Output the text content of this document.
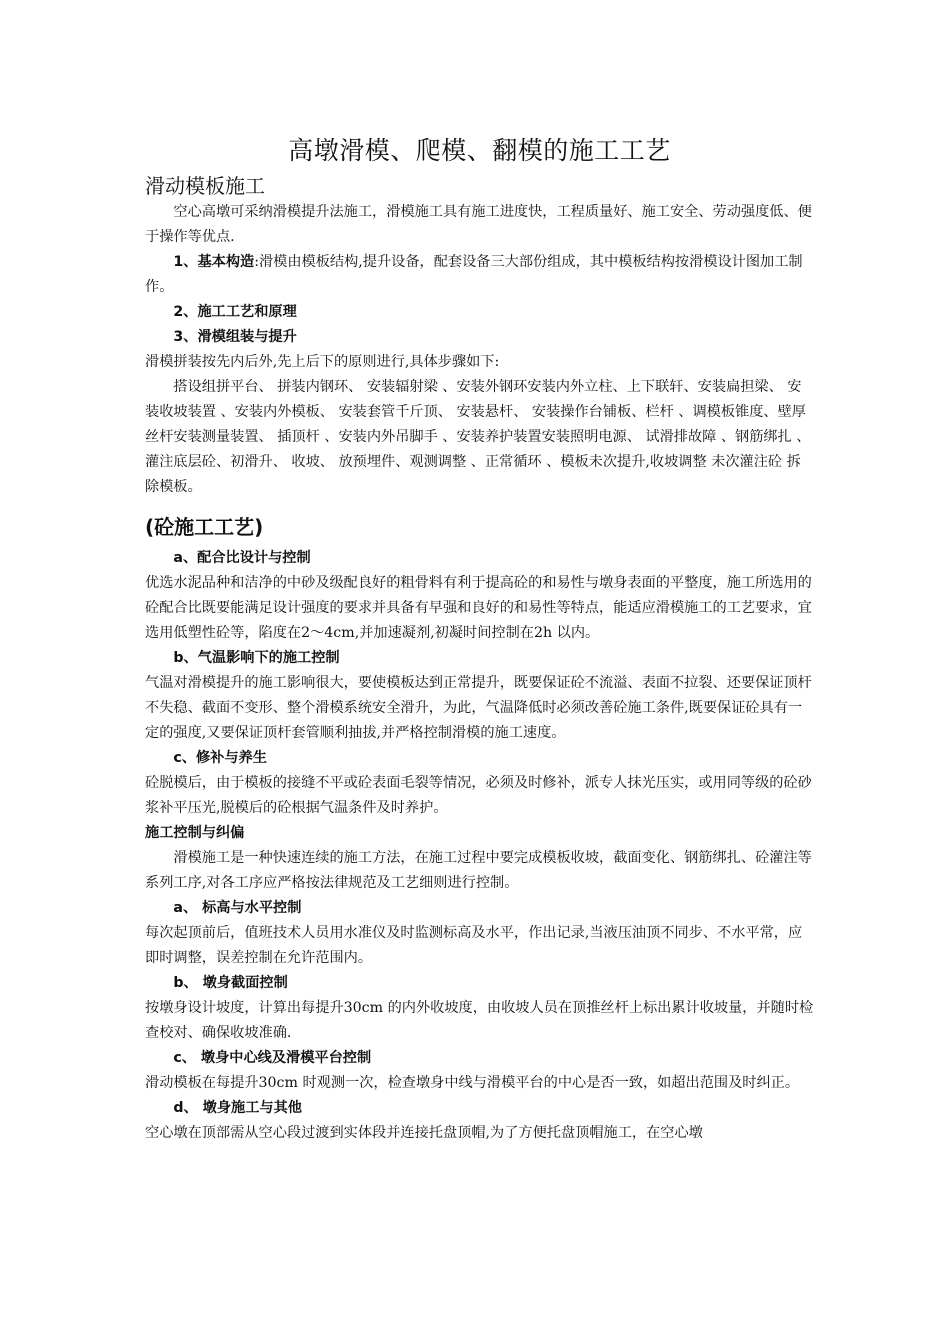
高墩滑模、爬模、翻模的施工工艺
滑动模板施工

空心高墩可采纳滑模提升法施工，滑模施工具有施工进度快，工程质量好、施工安全、劳动强度低、便于操作等优点.

1、基本构造:滑模由模板结构,提升设备，配套设备三大部份组成，其中模板结构按滑模设计图加工制作。

2、施工工艺和原理

3、滑模组装与提升

滑模拼装按先内后外,先上后下的原则进行,具体步骤如下:

搭设组拼平台、 拼装内钢环、 安装辐射梁 、安装外钢环安装内外立柱、上下联轩、安装扁担梁、 安装收坡装置 、安装内外模板、 安装套管千斤顶、 安装悬杆、 安装操作台铺板、栏杆 、调模板锥度、壁厚丝杆安装测量装置、 插顶杆 、安装内外吊脚手 、安装养护装置安装照明电源、 试滑排故障 、钢筋绑扎 、灌注底层砼、初滑升、 收坡、 放预埋件、观测调整 、正常循环 、模板未次提升,收坡调整 未次灌注砼 拆除模板。

(砼施工工艺)

a、配合比设计与控制

优选水泥品种和洁净的中砂及级配良好的粗骨料有利于提高砼的和易性与墩身表面的平整度，施工所选用的砼配合比既要能满足设计强度的要求并具备有早强和良好的和易性等特点，能适应滑模施工的工艺要求，宜选用低塑性砼等，陷度在2～4cm,并加速凝剂,初凝时间控制在2h 以内。

b、气温影响下的施工控制

气温对滑模提升的施工影响很大，要使模板达到正常提升，既要保证砼不流溢、表面不拉裂、还要保证顶杆不失稳、截面不变形、整个滑模系统安全滑升，为此，气温降低时必须改善砼施工条件,既要保证砼具有一定的强度,又要保证顶杆套管顺利抽拔,并严格控制滑模的施工速度。

c、修补与养生

砼脱模后，由于模板的接缝不平或砼表面毛裂等情况，必须及时修补，派专人抹光压实，或用同等级的砼砂浆补平压光,脱模后的砼根据气温条件及时养护。

施工控制与纠偏

滑模施工是一种快速连续的施工方法，在施工过程中要完成模板收坡，截面变化、钢筋绑扎、砼灌注等系列工序,对各工序应严格按法律规范及工艺细则进行控制。

a、 标高与水平控制

每次起顶前后，值班技术人员用水准仪及时监测标高及水平，作出记录,当液压油顶不同步、不水平常，应即时调整，误差控制在允许范围内。

b、 墩身截面控制

按墩身设计坡度，计算出每提升30cm 的内外收坡度，由收坡人员在顶推丝杆上标出累计收坡量，并随时检查校对、确保收坡准确.

c、 墩身中心线及滑模平台控制

滑动模板在每提升30cm 时观测一次，检查墩身中线与滑模平台的中心是否一致，如超出范围及时纠正。

d、 墩身施工与其他

空心墩在顶部需从空心段过渡到实体段并连接托盘顶帽,为了方便托盘顶帽施工，在空心墩
